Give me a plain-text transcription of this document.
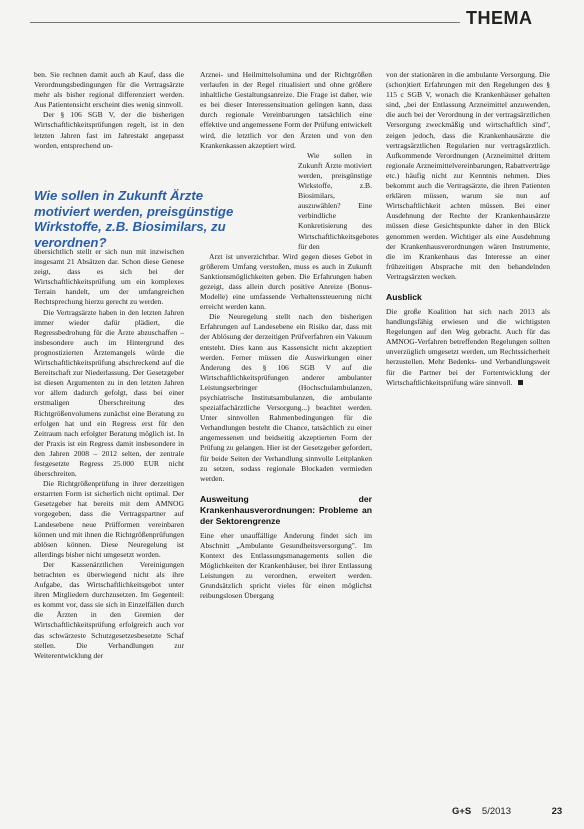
THEMA

ben. Sie rechnen damit auch ab Kauf, dass die Verordnungsbedingungen für die Vertragsärzte mehr als bisher regional differenziert werden. Aus Patientensicht erscheint dies wenig sinnvoll.

Der § 106 SGB V, der die bisherigen Wirtschaftlichkeitsprüfungen regelt, ist in den letzten Jahren fast im Jahrestakt angepasst worden, entsprechend un-

Wie sollen in Zukunft Ärzte motiviert werden, preisgünstige Wirkstoffe, z.B. Biosimilars, zu verordnen?

übersichtlich stellt er sich nun mit inzwischen insgesamt 21 Absätzen dar. Schon diese Genese zeigt, dass es sich bei der Wirtschaftlichkeitsprüfung um ein komplexes Terrain handelt, um der umfangreichen Rechtsprechung hierzu gerecht zu werden.

Die Vertragsärzte haben in den letzten Jahren immer wieder dafür plädiert, die Regressbedrohung für die Ärzte abzuschaffen – insbesondere auch im Hintergrund des prognostizierten Ärztemangels würde die Wirtschaftlichkeitsprüfung abschreckend auf die Bereitschaft zur Niederlassung. Der Gesetzgeber ist diesen Argumenten zu in den letzten Jahren vor allem dadurch gefolgt, dass bei einer erstmaligen Überschreitung des Richtgrößenvolumens zunächst eine Beratung zu erfolgen hat und ein Regress erst für den Zeitraum nach erfolgter Beratung möglich ist. In der Praxis ist ein Regress damit insbesondere in den Jahren 2008 – 2012 selten, der zentrale festgesetzte Regress 25.000 EUR nicht überschreiten.

Die Richtgrößenprüfung in ihrer derzeitigen erstarrten Form ist sicherlich nicht optimal. Der Gesetzgeber hat bereits mit dem AMNOG vorgegeben, dass die Vertragspartner auf Landesebene neue Prüfformen vereinbaren können und mit ihnen die Richtgrößenprüfungen ablösen können. Diese Neuregelung ist allerdings bisher nicht umgesetzt worden.

Der Kassenärztlichen Vereinigungen betrachten es überwiegend nicht als ihre Aufgabe, das Wirtschaftlichkeitsgebot unter ihren Mitgliedern durchzusetzen. Im Gegenteil: es kommt vor, dass sie sich in Einzelfällen durch die Ärzten in den Gremien der Wirtschaftlichkeitsprüfung erfolgreich auch vor das schwärzeste Schutzgesetzesbesetzte Schaf stellen. Die Verhandlungen zur Weiterentwicklung der

Arznei- und Heilmittelsolumina und der Richtgrößen verlaufen in der Regel ritualisiert und ohne größere inhaltliche Gestaltungsanreize. Die Frage ist daher, wie es bei dieser Interessensituation gelingen kann, dass durch regionale Vereinbarungen tatsächlich eine effektive und angemessene Form der Prüfung entwickelt wird, die letztlich vor den Ärzten und von den Krankenkassen akzeptiert wird.

Wie sollen in Zukunft Ärzte motiviert werden, preisgünstige Wirkstoffe, z.B. Biosimilars, auszuwählen? Eine verbindliche Konkretisierung des Wirtschaftlichkeitsgebotes für den

Arzt ist unverzichtbar. Wird gegen dieses Gebot in größerem Umfang verstoßen, muss es auch in Zukunft Sanktionsmöglichkeiten geben. Die Erfahrungen haben gezeigt, dass allein durch positive Anreize (Bonus-Modelle) eine umfassende Verhaltenssteuerung nicht erreicht werden kann.

Die Neuregelung stellt nach den bisherigen Erfahrungen auf Landesebene ein Risiko dar, dass mit der Ablösung der derzeitigen Prüfverfahren ein Vakuum entsteht. Dies kann aus Kassensicht nicht akzeptiert werden. Ferner müssen die Auswirkungen einer Änderung des § 106 SGB V auf die Wirtschaftlichkeitsprüfungen anderer ambulanter Leistungserbringer (Hochschulambulanzen, psychiatrische Institutsambulanzen, die ambulante spezialfachärztliche Versorgung...) beachtet werden. Unter sinnvollen Rahmenbedingungen für die Verhandlungen besteht die Chance, tatsächlich zu einer angemessenen und beidseitig akzeptierten Form der Prüfung zu gelangen. Hier ist der Gesetzgeber gefordert, für beide Seiten der Verhandlung sinnvolle Leitplanken zu setzen, sodass regionale Blockaden vermieden werden.

Ausweitung der Krankenhausverordnungen: Probleme an der Sektorengrenze

Eine eher unauffällige Änderung findet sich im Abschnitt „Ambulante Gesundheitsversorgung". Im Kontext des Entlassungsmanagements sollen die Möglichkeiten der Krankenhäuser, bei ihrer Entlassung Leistungen zu verordnen, erweitert werden. Grundsätzlich spricht vieles für einen möglichst reibungslosen Übergang

von der stationären in die ambulante Versorgung. Die (schon)tiert Erfahrungen mit den Regelungen des § 115 c SGB V, wonach die Krankenhäuser gehalten sind, „bei der Entlassung Arzneimittel anzuwenden, die auch bei der Verordnung in der vertragsärztlichen Versorgung zweckmäßig und wirtschaftlich sind", zeigen jedoch, dass die Krankenhausärzte die vertragsärztlichen Regularien nur vertragsärztlich. Aufkommende Verordnungen (Arzneimittel drittem regionale Arzneimittelvereinbarungen, Rabattverträge etc.) häufig nicht zur Kenntnis nehmen. Dies bekommt auch die Vertragsärzte, die ihren Patienten erklären müssen, warum sie nun auf Wirtschaftlichkeit achten müssen. Bei einer Ausdehnung der Rechte der Krankenhausärzte müssen diese Gesichtspunkte daher in den Blick genommen werden. Wichtiger als eine Ausdehnung der Krankenhausverordnungen wären Instrumente, die im Krankenhaus das Interesse an einer frühzeitigen Absprache mit den behandelnden Vertragsärzten wecken.

Ausblick

Die große Koalition hat sich nach 2013 als handlungsfähig erwiesen und die wichtigsten Regelungen auf den Weg gebracht. Auch für das AMNOG-Verfahren betreffenden Regelungen sollten unverzüglich umgesetzt werden, um Rechtssicherheit herzustellen. Mehr Bedenks- und Verbandlungsweit für die Partner bei der Fortentwicklung der Wirtschaftlichkeitsprüfung wäre sinnvoll.

G+S 5/2013	23
